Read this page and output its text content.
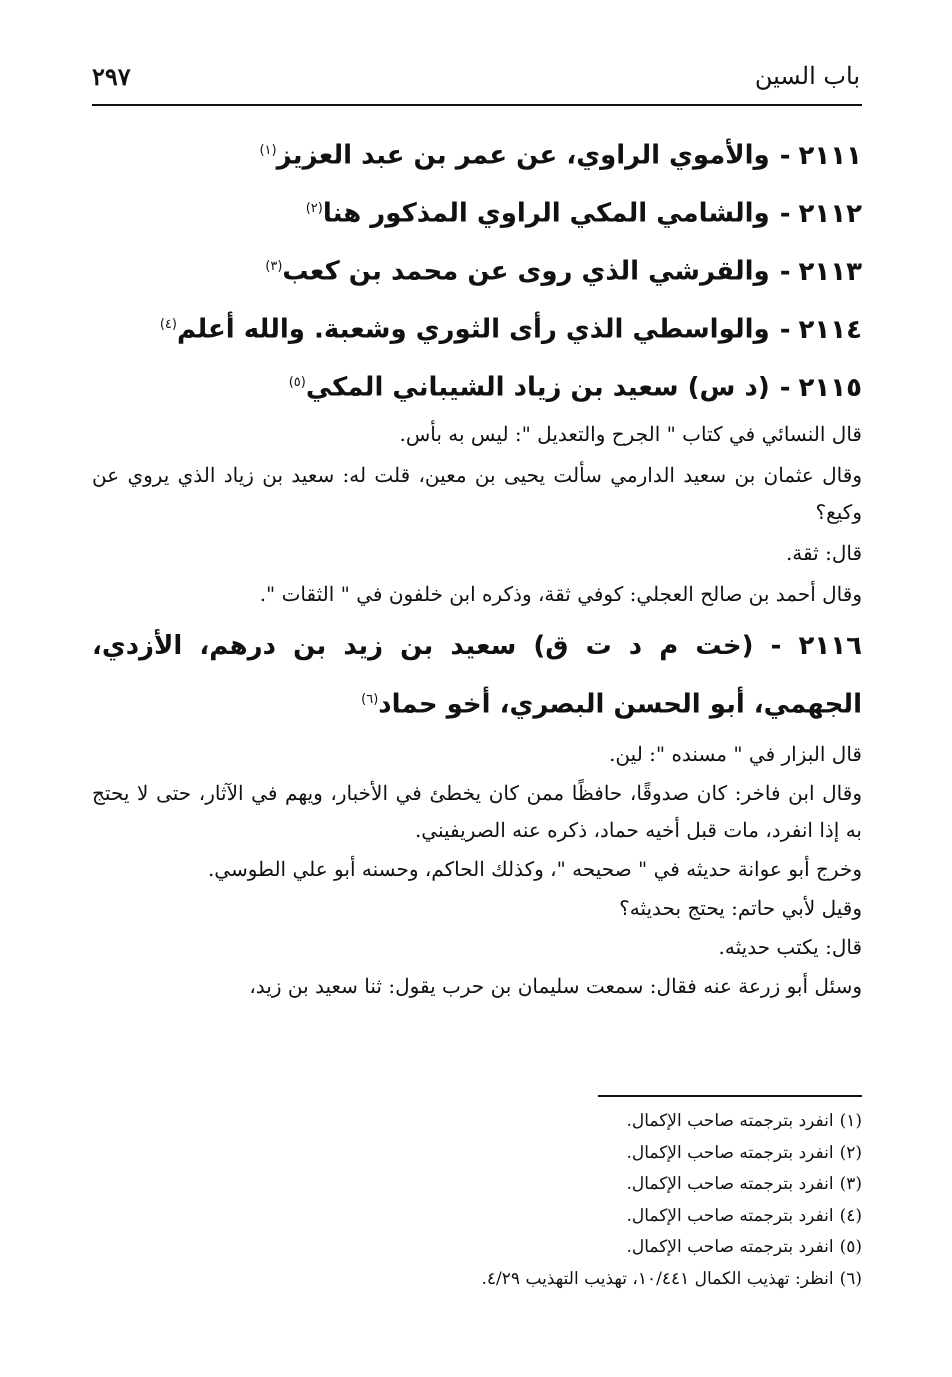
باب السين
٢٩٧
٢١١١-والأموي الراوي، عن عمر بن عبد العزيز$^{(١)}$
٢١١٢-والشامي المكي الراوي المذكور هنا$^{(٢)}$
٢١١٣-والقرشي الذي روى عن محمد بن كعب$^{(٣)}$
٢١١٤-والواسطي الذي رأى الثوري وشعبة. والله أعلم$^{(٤)}$
٢١١٥-(د س) سعيد بن زياد الشيباني المكي$^{(٥)}$

قال النسائي في كتاب " الجرح والتعديل ": ليس به بأس.

وقال عثمان بن سعيد الدارمي سألت يحيى بن معين، قلت له: سعيد بن زياد الذي يروي عن وكيع؟

قال: ثقة.

وقال أحمد بن صالح العجلي: كوفي ثقة، وذكره ابن خلفون في " الثقات ".

٢١١٦ - (خت م د ت ق) سعيد بن زيد بن درهم، الأزدي، الجهمي، أبو الحسن البصري، أخو حماد$^{(٦)}$

قال البزار في " مسنده ": لين.

وقال ابن فاخر: كان صدوقًا، حافظًا ممن كان يخطئ في الأخبار، ويهم في الآثار، حتى لا يحتج به إذا انفرد، مات قبل أخيه حماد، ذكره عنه الصريفيني.

وخرج أبو عوانة حديثه في " صحيحه "، وكذلك الحاكم، وحسنه أبو علي الطوسي.

وقيل لأبي حاتم: يحتج بحديثه؟

قال: يكتب حديثه.

وسئل أبو زرعة عنه فقال: سمعت سليمان بن حرب يقول: ثنا سعيد بن زيد،

(١)انفرد بترجمته صاحب الإكمال.
(٢)انفرد بترجمته صاحب الإكمال.
(٣)انفرد بترجمته صاحب الإكمال.
(٤)انفرد بترجمته صاحب الإكمال.
(٥)انفرد بترجمته صاحب الإكمال.
(٦)انظر: تهذيب الكمال ١٠/٤٤١، تهذيب التهذيب ٤/٢٩.
